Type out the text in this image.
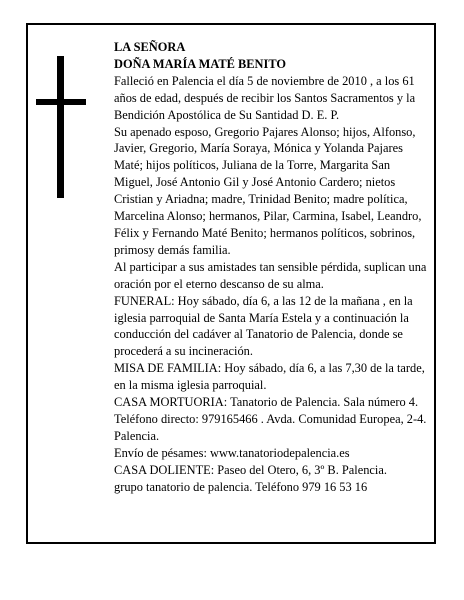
LA SEÑORA
DOÑA MARÍA MATÉ BENITO

Falleció en Palencia el día 5 de noviembre de 2010 , a los 61 años de edad, después de recibir los Santos Sacramentos y la Bendición Apostólica de Su Santidad D. E. P.

Su apenado esposo, Gregorio Pajares Alonso; hijos, Alfonso, Javier, Gregorio, María Soraya, Mónica y Yolanda Pajares Maté; hijos políticos, Juliana de la Torre, Margarita San Miguel, José Antonio Gil y José Antonio Cardero; nietos Cristian y Ariadna; madre, Trinidad Benito; madre política, Marcelina Alonso; hermanos, Pilar, Carmina, Isabel, Leandro, Félix y Fernando Maté Benito; hermanos políticos, sobrinos, primosy demás familia.

Al participar a sus amistades tan sensible pérdida, suplican una oración por el eterno descanso de su alma.

FUNERAL: Hoy sábado, día 6, a las 12 de la mañana , en la iglesia parroquial de Santa María Estela y a continuación la conducción del cadáver al Tanatorio de Palencia, donde se procederá a su incineración.

MISA DE FAMILIA: Hoy sábado, día 6, a las 7,30 de la tarde, en la misma iglesia parroquial.

CASA MORTUORIA: Tanatorio de Palencia. Sala número 4. Teléfono directo: 979165466 . Avda. Comunidad Europea, 2-4. Palencia.

Envío de pésames: www.tanatoriodepalencia.es

CASA DOLIENTE: Paseo del Otero, 6, 3º B. Palencia.

grupo tanatorio de palencia. Teléfono 979 16 53 16
